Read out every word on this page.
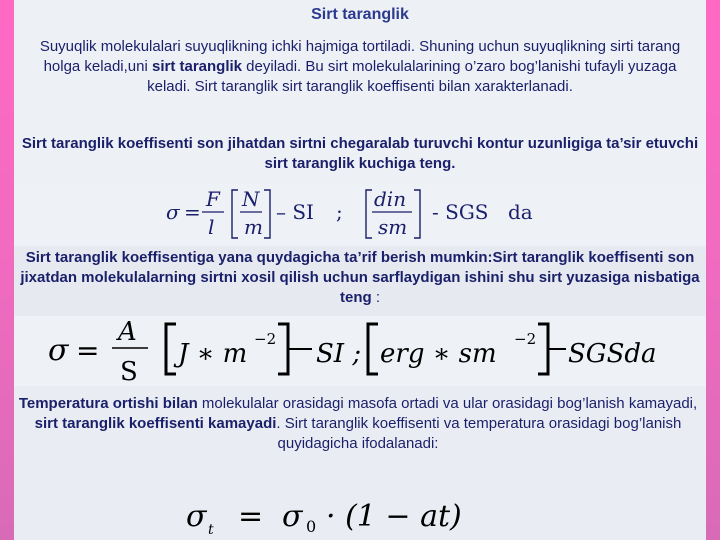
Sirt taranglik

Suyuqlik molekulalari suyuqlikning ichki hajmiga tortiladi. Shuning uchun suyuqlikning sirti tarang holga keladi,uni sirt taranglik deyiladi. Bu sirt molekulalarining o’zaro bog’lanishi tufayli yuzaga keladi. Sirt taranglik sirt taranglik koeffisenti bilan xarakterlanadi.

Sirt taranglik koeffisenti son jihatdan sirtni chegaralab turuvchi kontur uzunligiga ta’sir etuvchi sirt taranglik kuchiga teng.

σ =
F
l
N
m
– SI ;
din
sm
- SGS da

Sirt taranglik koeffisentiga yana quydagicha ta’rif berish mumkin:Sirt taranglik koeffisenti son jixatdan molekulalarning sirtni xosil qilish uchun sarflaydigan ishini shu sirt yuzasiga nisbatiga teng :

σ =
A
S
J ∗ m −2 SI ; erg ∗ sm −2 SGSda

Temperatura ortishi bilan molekulalar orasidagi masofa ortadi va ular orasidagi bog’lanish kamayadi, sirt taranglik koeffisenti kamayadi. Sirt taranglik koeffisenti va temperatura orasidagi bog’lanish quyidagicha ifodalanadi:

σ t = σ 0 · (1 − at)
